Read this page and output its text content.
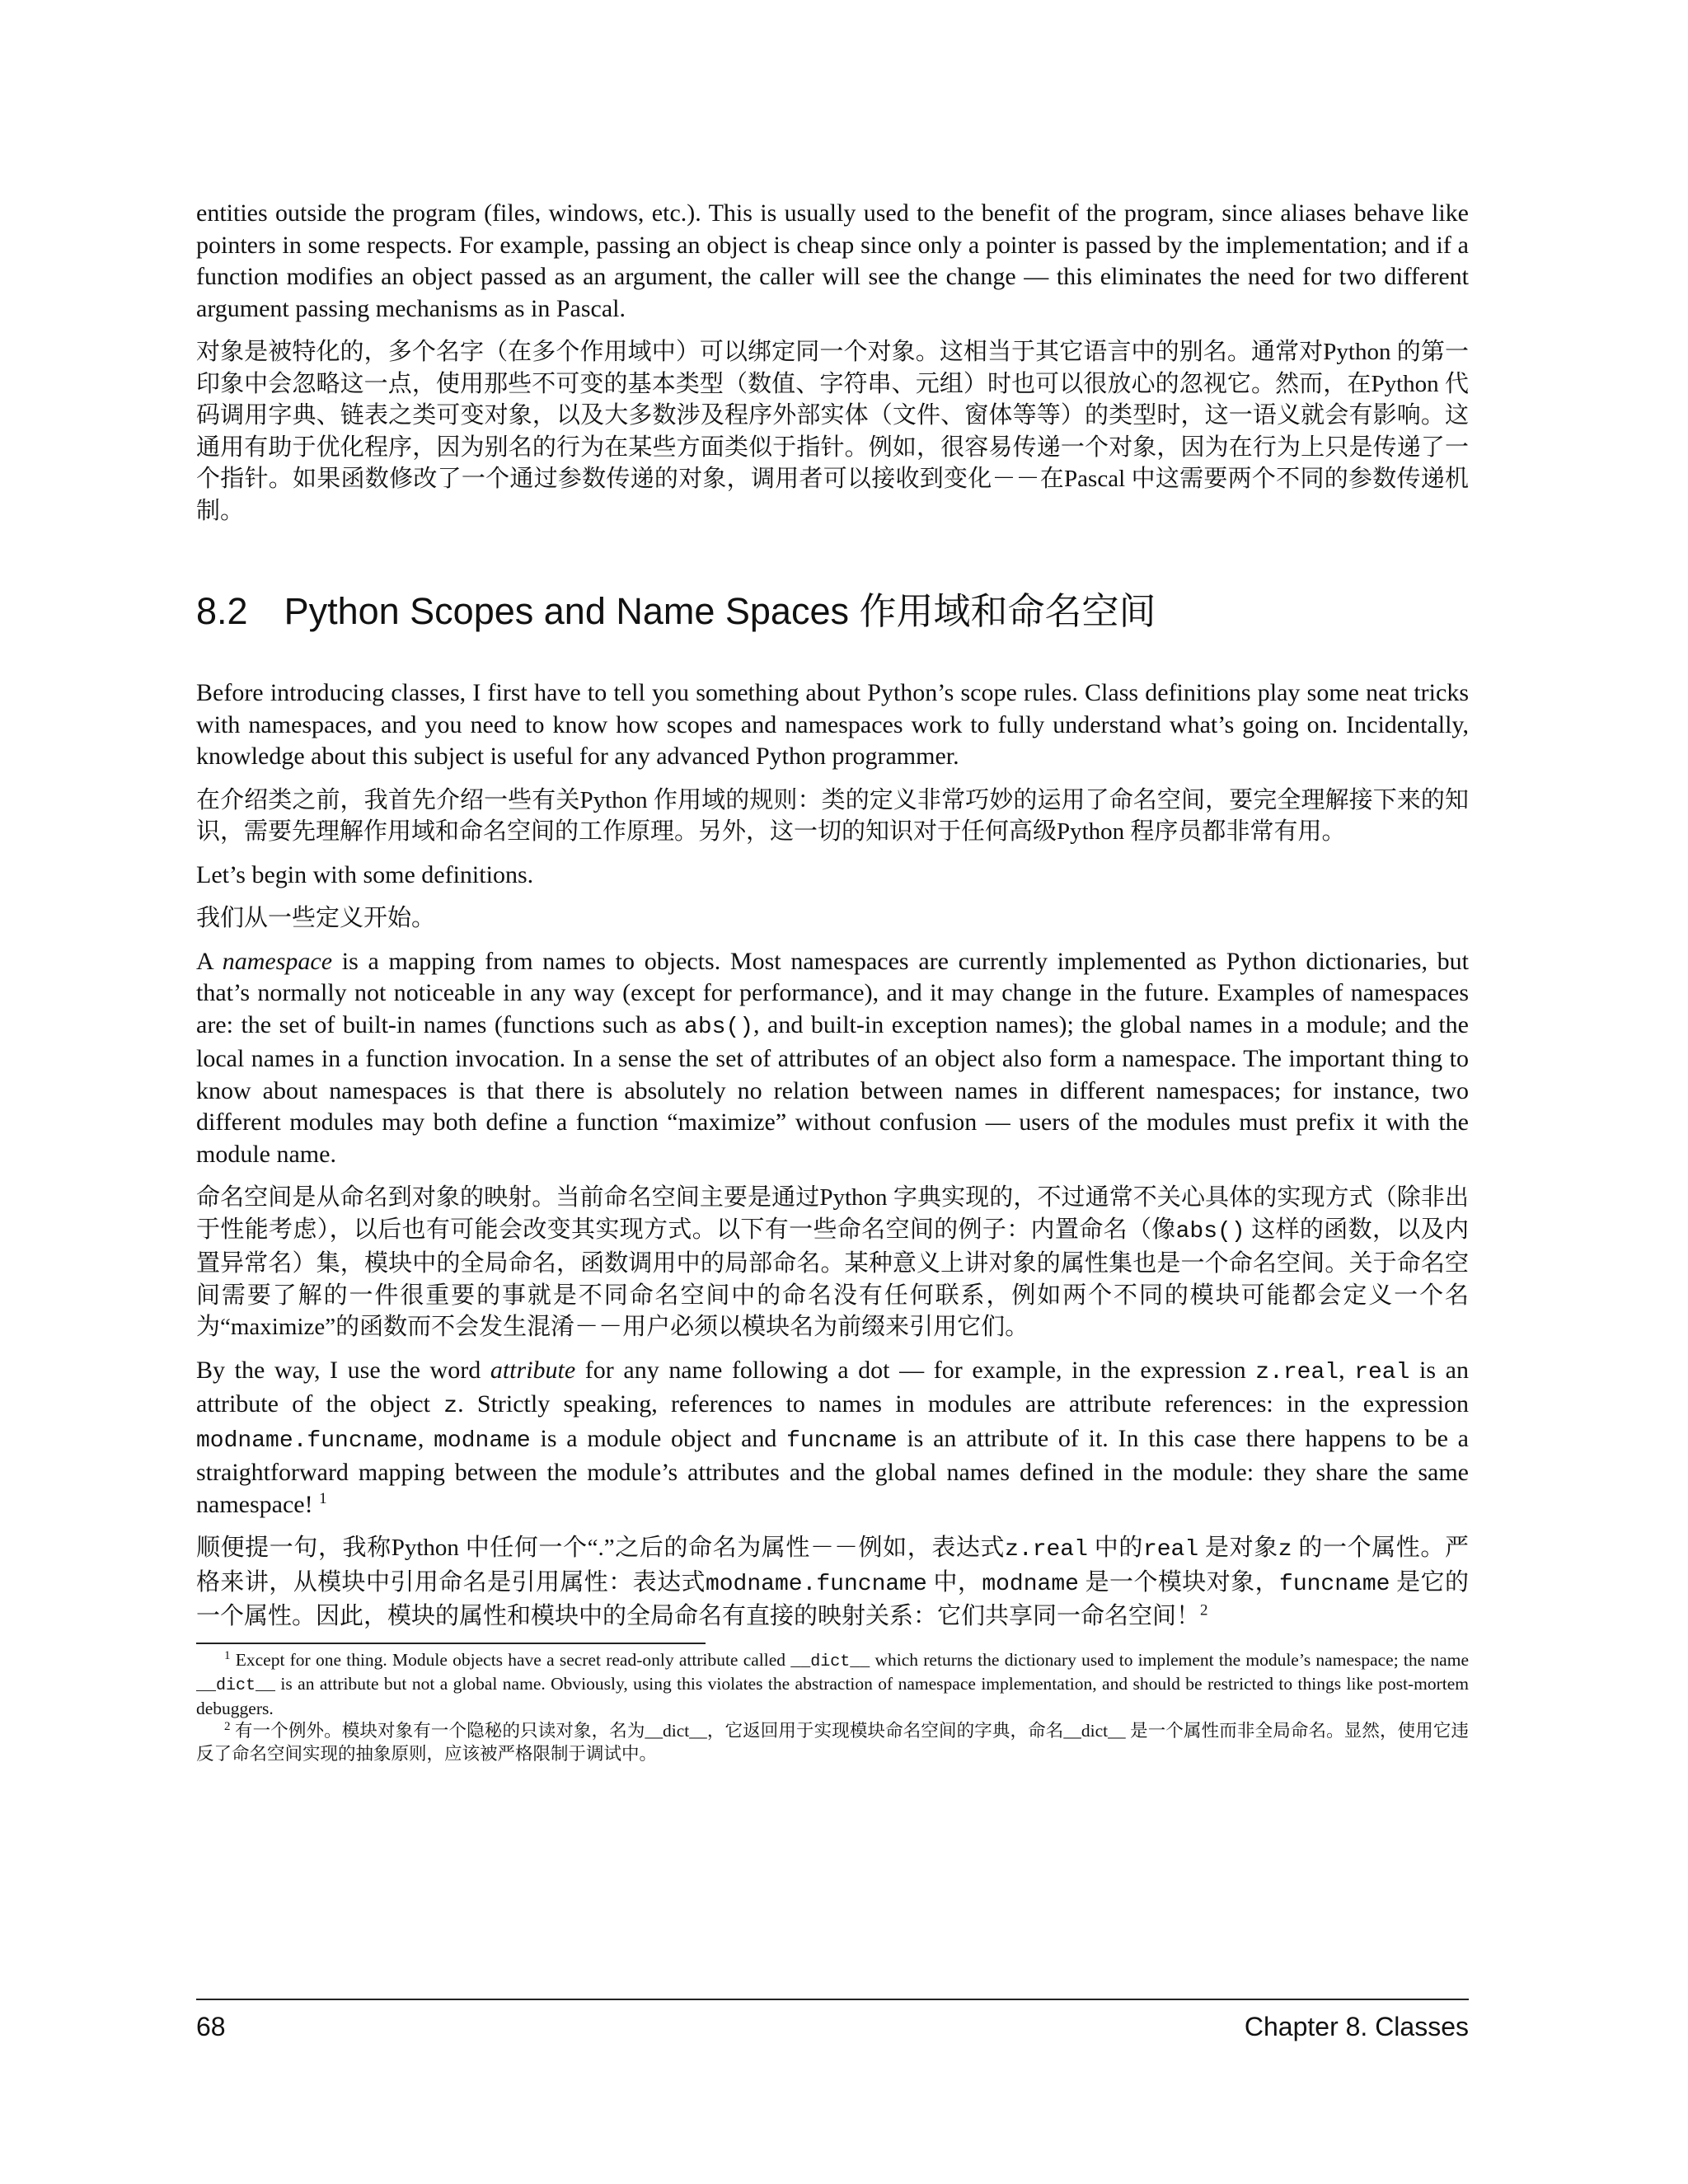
entities outside the program (files, windows, etc.). This is usually used to the benefit of the program, since aliases behave like pointers in some respects. For example, passing an object is cheap since only a pointer is passed by the implementation; and if a function modifies an object passed as an argument, the caller will see the change — this eliminates the need for two different argument passing mechanisms as in Pascal.

对象是被特化的，多个名字（在多个作用域中）可以绑定同一个对象。这相当于其它语言中的别名。通常对Python 的第一印象中会忽略这一点，使用那些不可变的基本类型（数值、字符串、元组）时也可以很放心的忽视它。然而，在Python 代码调用字典、链表之类可变对象，以及大多数涉及程序外部实体（文件、窗体等等）的类型时，这一语义就会有影响。这通用有助于优化程序，因为别名的行为在某些方面类似于指针。例如，很容易传递一个对象，因为在行为上只是传递了一个指针。如果函数修改了一个通过参数传递的对象，调用者可以接收到变化－－在Pascal 中这需要两个不同的参数传递机制。

8.2 Python Scopes and Name Spaces 作用域和命名空间

Before introducing classes, I first have to tell you something about Python’s scope rules. Class definitions play some neat tricks with namespaces, and you need to know how scopes and namespaces work to fully understand what’s going on. Incidentally, knowledge about this subject is useful for any advanced Python programmer.

在介绍类之前，我首先介绍一些有关Python 作用域的规则：类的定义非常巧妙的运用了命名空间，要完全理解接下来的知识，需要先理解作用域和命名空间的工作原理。另外，这一切的知识对于任何高级Python 程序员都非常有用。

Let’s begin with some definitions.

我们从一些定义开始。

A namespace is a mapping from names to objects. Most namespaces are currently implemented as Python dictionaries, but that’s normally not noticeable in any way (except for performance), and it may change in the future. Examples of namespaces are: the set of built-in names (functions such as abs(), and built-in exception names); the global names in a module; and the local names in a function invocation. In a sense the set of attributes of an object also form a namespace. The important thing to know about namespaces is that there is absolutely no relation between names in different namespaces; for instance, two different modules may both define a function “maximize” without confusion — users of the modules must prefix it with the module name.

命名空间是从命名到对象的映射。当前命名空间主要是通过Python 字典实现的，不过通常不关心具体的实现方式（除非出于性能考虑），以后也有可能会改变其实现方式。以下有一些命名空间的例子：内置命名（像abs() 这样的函数，以及内置异常名）集，模块中的全局命名，函数调用中的局部命名。某种意义上讲对象的属性集也是一个命名空间。关于命名空间需要了解的一件很重要的事就是不同命名空间中的命名没有任何联系，例如两个不同的模块可能都会定义一个名为“maximize”的函数而不会发生混淆－－用户必须以模块名为前缀来引用它们。

By the way, I use the word attribute for any name following a dot — for example, in the expression z.real, real is an attribute of the object z. Strictly speaking, references to names in modules are attribute references: in the expression modname.funcname, modname is a module object and funcname is an attribute of it. In this case there happens to be a straightforward mapping between the module’s attributes and the global names defined in the module: they share the same namespace! $^1$

顺便提一句，我称Python 中任何一个“.”之后的命名为属性－－例如，表达式z.real 中的real 是对象z 的一个属性。严格来讲，从模块中引用命名是引用属性：表达式modname.funcname 中，modname 是一个模块对象，funcname 是它的一个属性。因此，模块的属性和模块中的全局命名有直接的映射关系：它们共享同一命名空间！$^2$

$^1$ Except for one thing. Module objects have a secret read-only attribute called __dict__ which returns the dictionary used to implement the module’s namespace; the name __dict__ is an attribute but not a global name. Obviously, using this violates the abstraction of namespace implementation, and should be restricted to things like post-mortem debuggers.

$^2$ 有一个例外。模块对象有一个隐秘的只读对象，名为__dict__，它返回用于实现模块命名空间的字典，命名__dict__ 是一个属性而非全局命名。显然，使用它违反了命名空间实现的抽象原则，应该被严格限制于调试中。

68	Chapter 8. Classes
